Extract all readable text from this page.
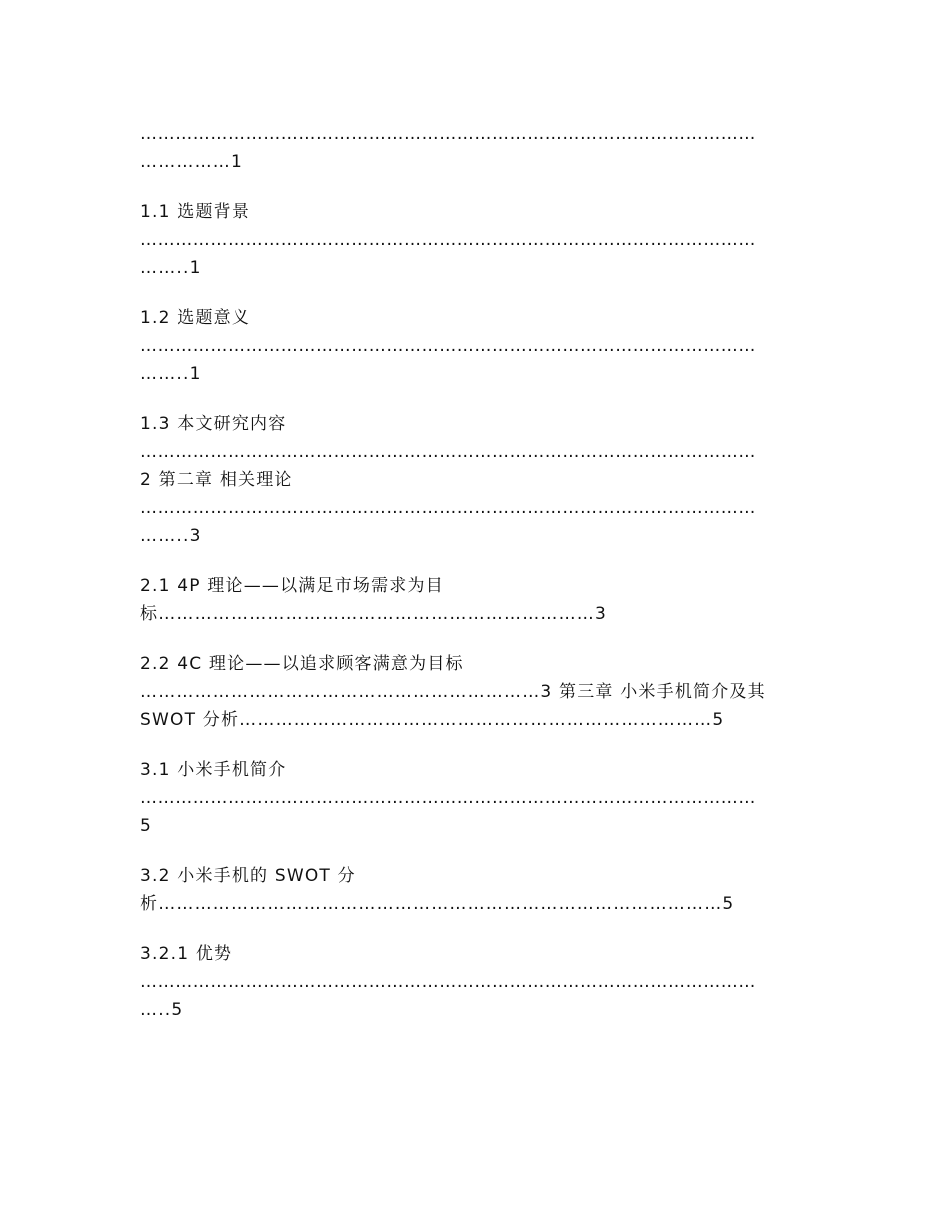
……………………………………………………………………………………………
……………1
1.1 选题背景
……………………………………………………………………………………………
……..1
1.2 选题意义
……………………………………………………………………………………………
……..1
1.3 本文研究内容
……………………………………………………………………………………………
2 第二章 相关理论
……………………………………………………………………………………………
……..3
2.1 4P 理论——以满足市场需求为目
标………………………………………………………………3
2.2 4C 理论——以追求顾客满意为目标
…………………………………………………………3 第三章 小米手机简介及其
SWOT 分析……………………………………………………………………5
3.1 小米手机简介
……………………………………………………………………………………………
5
3.2 小米手机的 SWOT 分
析…………………………………………………………………………………5
3.2.1 优势
……………………………………………………………………………………………
…..5
